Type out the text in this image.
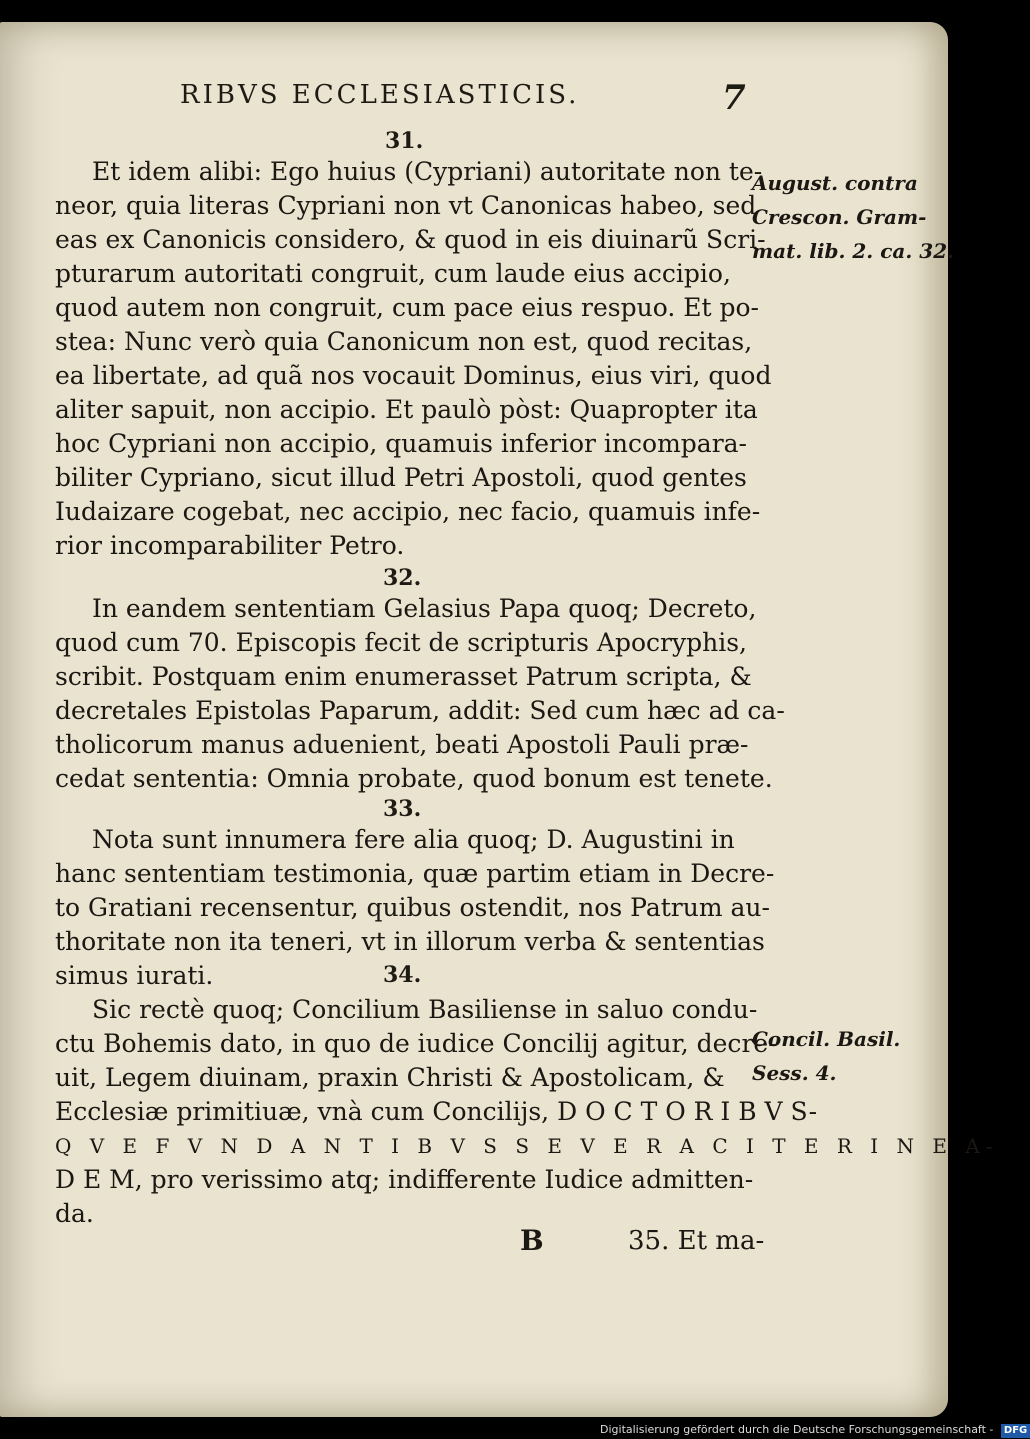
RIBVS ECCLESIASTICIS.	7
31.
Et idem alibi: Ego huius (Cypriani) autoritate non te-
neor, quia literas Cypriani non vt Canonicas habeo, sed
eas ex Canonicis considero, & quod in eis diuinarũ Scri-
pturarum autoritati congruit, cum laude eius accipio,
quod autem non congruit, cum pace eius respuo. Et po-
stea: Nunc verò quia Canonicum non est, quod recitas,
ea libertate, ad quã nos vocauit Dominus, eius viri, quod
aliter sapuit, non accipio. Et paulò pòst: Quapropter ita
hoc Cypriani non accipio, quamuis inferior incompara-
biliter Cypriano, sicut illud Petri Apostoli, quod gentes
Iudaizare cogebat, nec accipio, nec facio, quamuis infe-
rior incomparabiliter Petro.
32.
In eandem sententiam Gelasius Papa quoq; Decreto,
quod cum 70. Episcopis fecit de scripturis Apocryphis,
scribit. Postquam enim enumerasset Patrum scripta, &
decretales Epistolas Paparum, addit: Sed cum hæc ad ca-
tholicorum manus aduenient, beati Apostoli Pauli præ-
cedat sententia: Omnia probate, quod bonum est tenete.
33.
Nota sunt innumera fere alia quoq; D. Augustini in
hanc sententiam testimonia, quæ partim etiam in Decre-
to Gratiani recensentur, quibus ostendit, nos Patrum au-
thoritate non ita teneri, vt in illorum verba & sententias
simus iurati.	34.
Sic rectè quoq; Concilium Basiliense in saluo condu-
ctu Bohemis dato, in quo de iudice Concilij agitur, decre-
uit, Legem diuinam, praxin Christi & Apostolicam, &
Ecclesiæ primitiuæ, vnà cum Concilijs, D O C T O R I B V S-
Q V E F V N D A N T I B V S S E V E R A C I T E R I N E A-
D E M, pro verissimo atq; indifferente Iudice admitten-
da.
August. contra
Crescon. Gram-
mat. lib. 2. ca. 32.
Concil. Basil.
Sess. 4.
B	35. Et ma-
Digitalisierung gefördert durch die Deutsche Forschungsgemeinschaft - DFG
